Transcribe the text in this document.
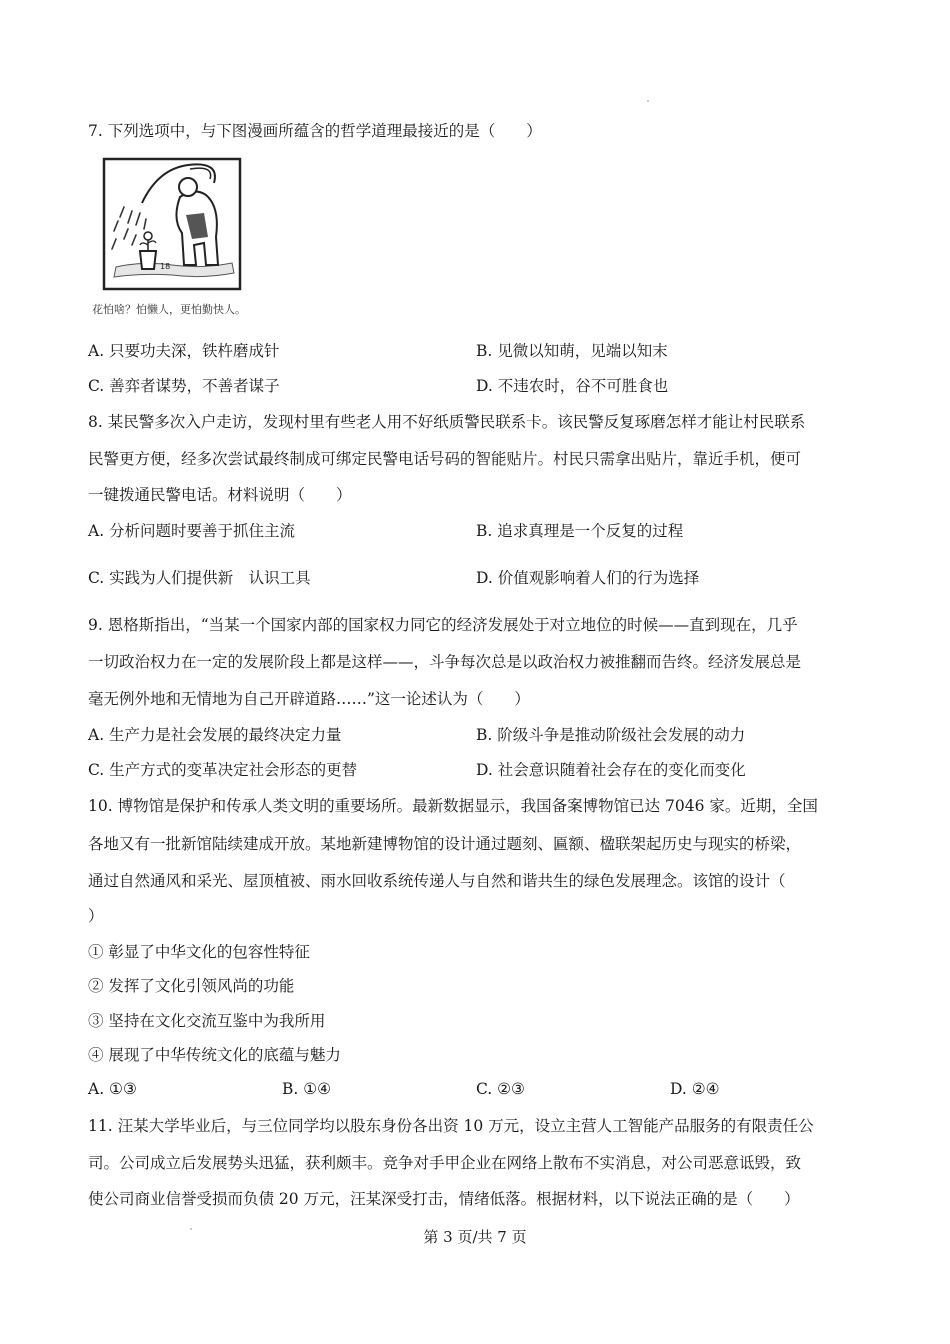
7. 下列选项中，与下图漫画所蕴含的哲学道理最接近的是（　　）
18
花怕啥？怕懒人，更怕勤快人。
A. 只要功夫深，铁杵磨成针	B. 见微以知萌，见端以知末
C. 善弈者谋势，不善者谋子	D. 不违农时，谷不可胜食也
8. 某民警多次入户走访，发现村里有些老人用不好纸质警民联系卡。该民警反复琢磨怎样才能让村民联系
民警更方便，经多次尝试最终制成可绑定民警电话号码的智能贴片。村民只需拿出贴片，靠近手机，便可
一键拨通民警电话。材料说明（　　）
A. 分析问题时要善于抓住主流	B. 追求真理是一个反复的过程
C. 实践为人们提供新　认识工具	D. 价值观影响着人们的行为选择
9. 恩格斯指出，“当某一个国家内部的国家权力同它的经济发展处于对立地位的时候——直到现在，几乎
一切政治权力在一定的发展阶段上都是这样——，斗争每次总是以政治权力被推翻而告终。经济发展总是
毫无例外地和无情地为自己开辟道路……”这一论述认为（　　）
A. 生产力是社会发展的最终决定力量	B. 阶级斗争是推动阶级社会发展的动力
C. 生产方式的变革决定社会形态的更替	D. 社会意识随着社会存在的变化而变化
10. 博物馆是保护和传承人类文明的重要场所。最新数据显示，我国备案博物馆已达 7046 家。近期，全国
各地又有一批新馆陆续建成开放。某地新建博物馆的设计通过题刻、匾额、楹联架起历史与现实的桥梁，
通过自然通风和采光、屋顶植被、雨水回收系统传递人与自然和谐共生的绿色发展理念。该馆的设计（
）
① 彰显了中华文化的包容性特征
② 发挥了文化引领风尚的功能
③ 坚持在文化交流互鉴中为我所用
④ 展现了中华传统文化的底蕴与魅力
A. ①③	B. ①④	C. ②③	D. ②④
11. 汪某大学毕业后，与三位同学均以股东身份各出资 10 万元，设立主营人工智能产品服务的有限责任公
司。公司成立后发展势头迅猛，获利颇丰。竞争对手甲企业在网络上散布不实消息，对公司恶意诋毁，致
使公司商业信誉受损而负债 20 万元，汪某深受打击，情绪低落。根据材料，以下说法正确的是（　　）
第 3 页/共 7 页
